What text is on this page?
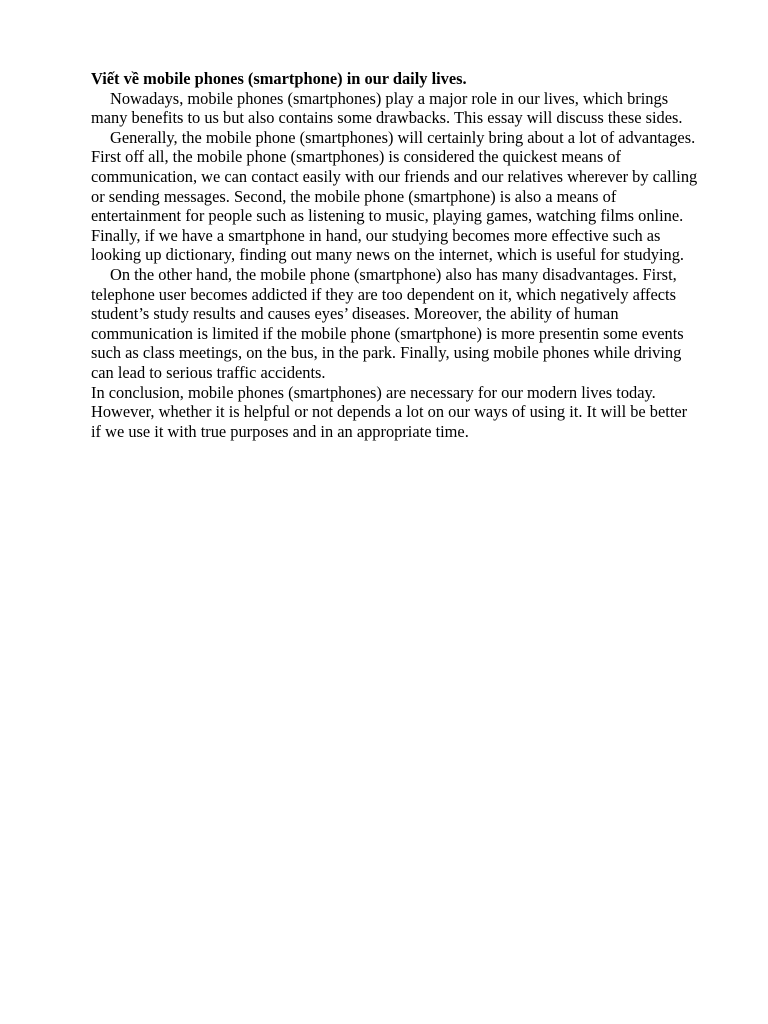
Viết về mobile phones (smartphone) in our daily lives.

Nowadays, mobile phones (smartphones) play a major role in our lives, which brings many benefits to us but also contains some drawbacks. This essay will discuss these sides.

Generally, the mobile phone (smartphones) will certainly bring about a lot of advantages. First off all, the mobile phone (smartphones) is considered the quickest means of communication, we can contact easily with our friends and our relatives wherever by calling or sending messages. Second, the mobile phone (smartphone) is also a means of entertainment for people such as listening to music, playing games, watching films online. Finally, if we have a smartphone in hand, our studying becomes more effective such as looking up dictionary, finding out many news on the internet, which is useful for studying.

On the other hand, the mobile phone (smartphone) also has many disadvantages. First, telephone user becomes addicted if they are too dependent on it, which negatively affects student’s study results and causes eyes’ diseases. Moreover, the ability of human communication is limited if the mobile phone (smartphone) is more presentin some events such as class meetings, on the bus, in the park. Finally, using mobile phones while driving can lead to serious traffic accidents.

In conclusion, mobile phones (smartphones) are necessary for our modern lives today. However, whether it is helpful or not depends a lot on our ways of using it. It will be better if we use it with true purposes and in an appropriate time.
